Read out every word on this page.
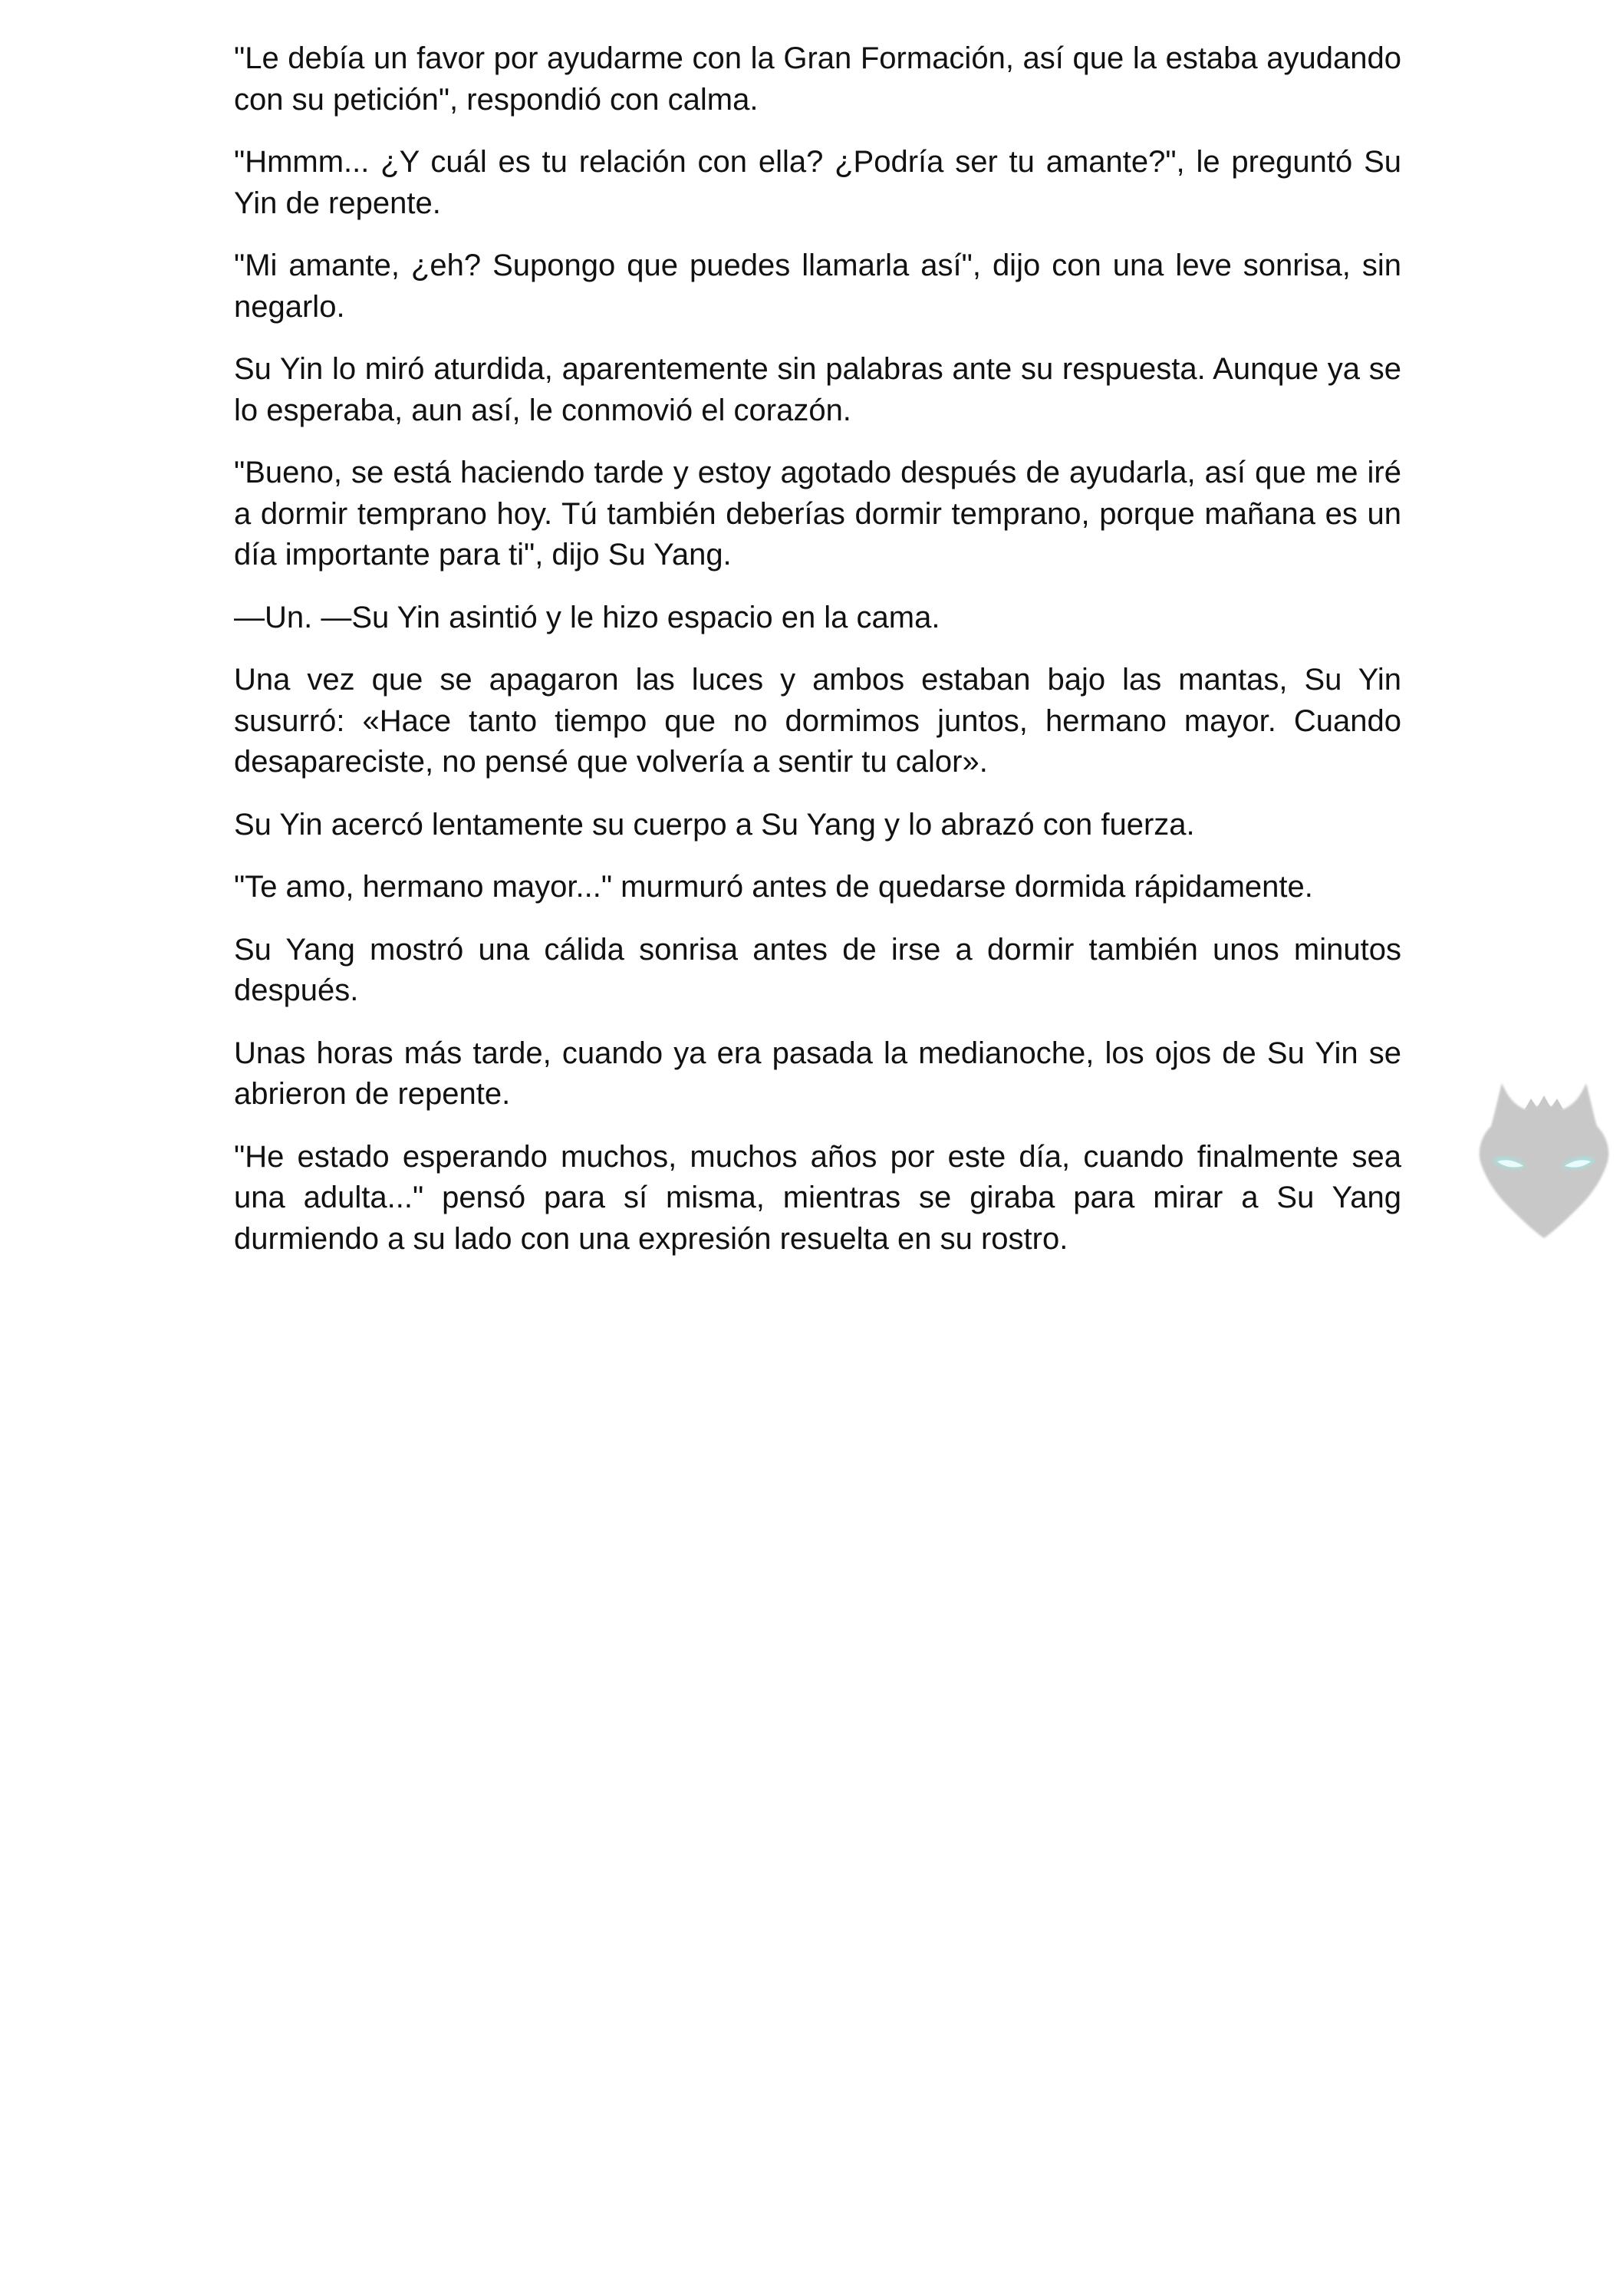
"Le debía un favor por ayudarme con la Gran Formación, así que la estaba ayudando con su petición", respondió con calma.

"Hmmm... ¿Y cuál es tu relación con ella? ¿Podría ser tu amante?", le preguntó Su Yin de repente.

"Mi amante, ¿eh? Supongo que puedes llamarla así", dijo con una leve sonrisa, sin negarlo.

Su Yin lo miró aturdida, aparentemente sin palabras ante su respuesta. Aunque ya se lo esperaba, aun así, le conmovió el corazón.

"Bueno, se está haciendo tarde y estoy agotado después de ayudarla, así que me iré a dormir temprano hoy. Tú también deberías dormir temprano, porque mañana es un día importante para ti", dijo Su Yang.

—Un. —Su Yin asintió y le hizo espacio en la cama.

Una vez que se apagaron las luces y ambos estaban bajo las mantas, Su Yin susurró: «Hace tanto tiempo que no dormimos juntos, hermano mayor. Cuando desapareciste, no pensé que volvería a sentir tu calor».

Su Yin acercó lentamente su cuerpo a Su Yang y lo abrazó con fuerza.

"Te amo, hermano mayor..." murmuró antes de quedarse dormida rápidamente.

Su Yang mostró una cálida sonrisa antes de irse a dormir también unos minutos después.

Unas horas más tarde, cuando ya era pasada la medianoche, los ojos de Su Yin se abrieron de repente.

"He estado esperando muchos, muchos años por este día, cuando finalmente sea una adulta..." pensó para sí misma, mientras se giraba para mirar a Su Yang durmiendo a su lado con una expresión resuelta en su rostro.
